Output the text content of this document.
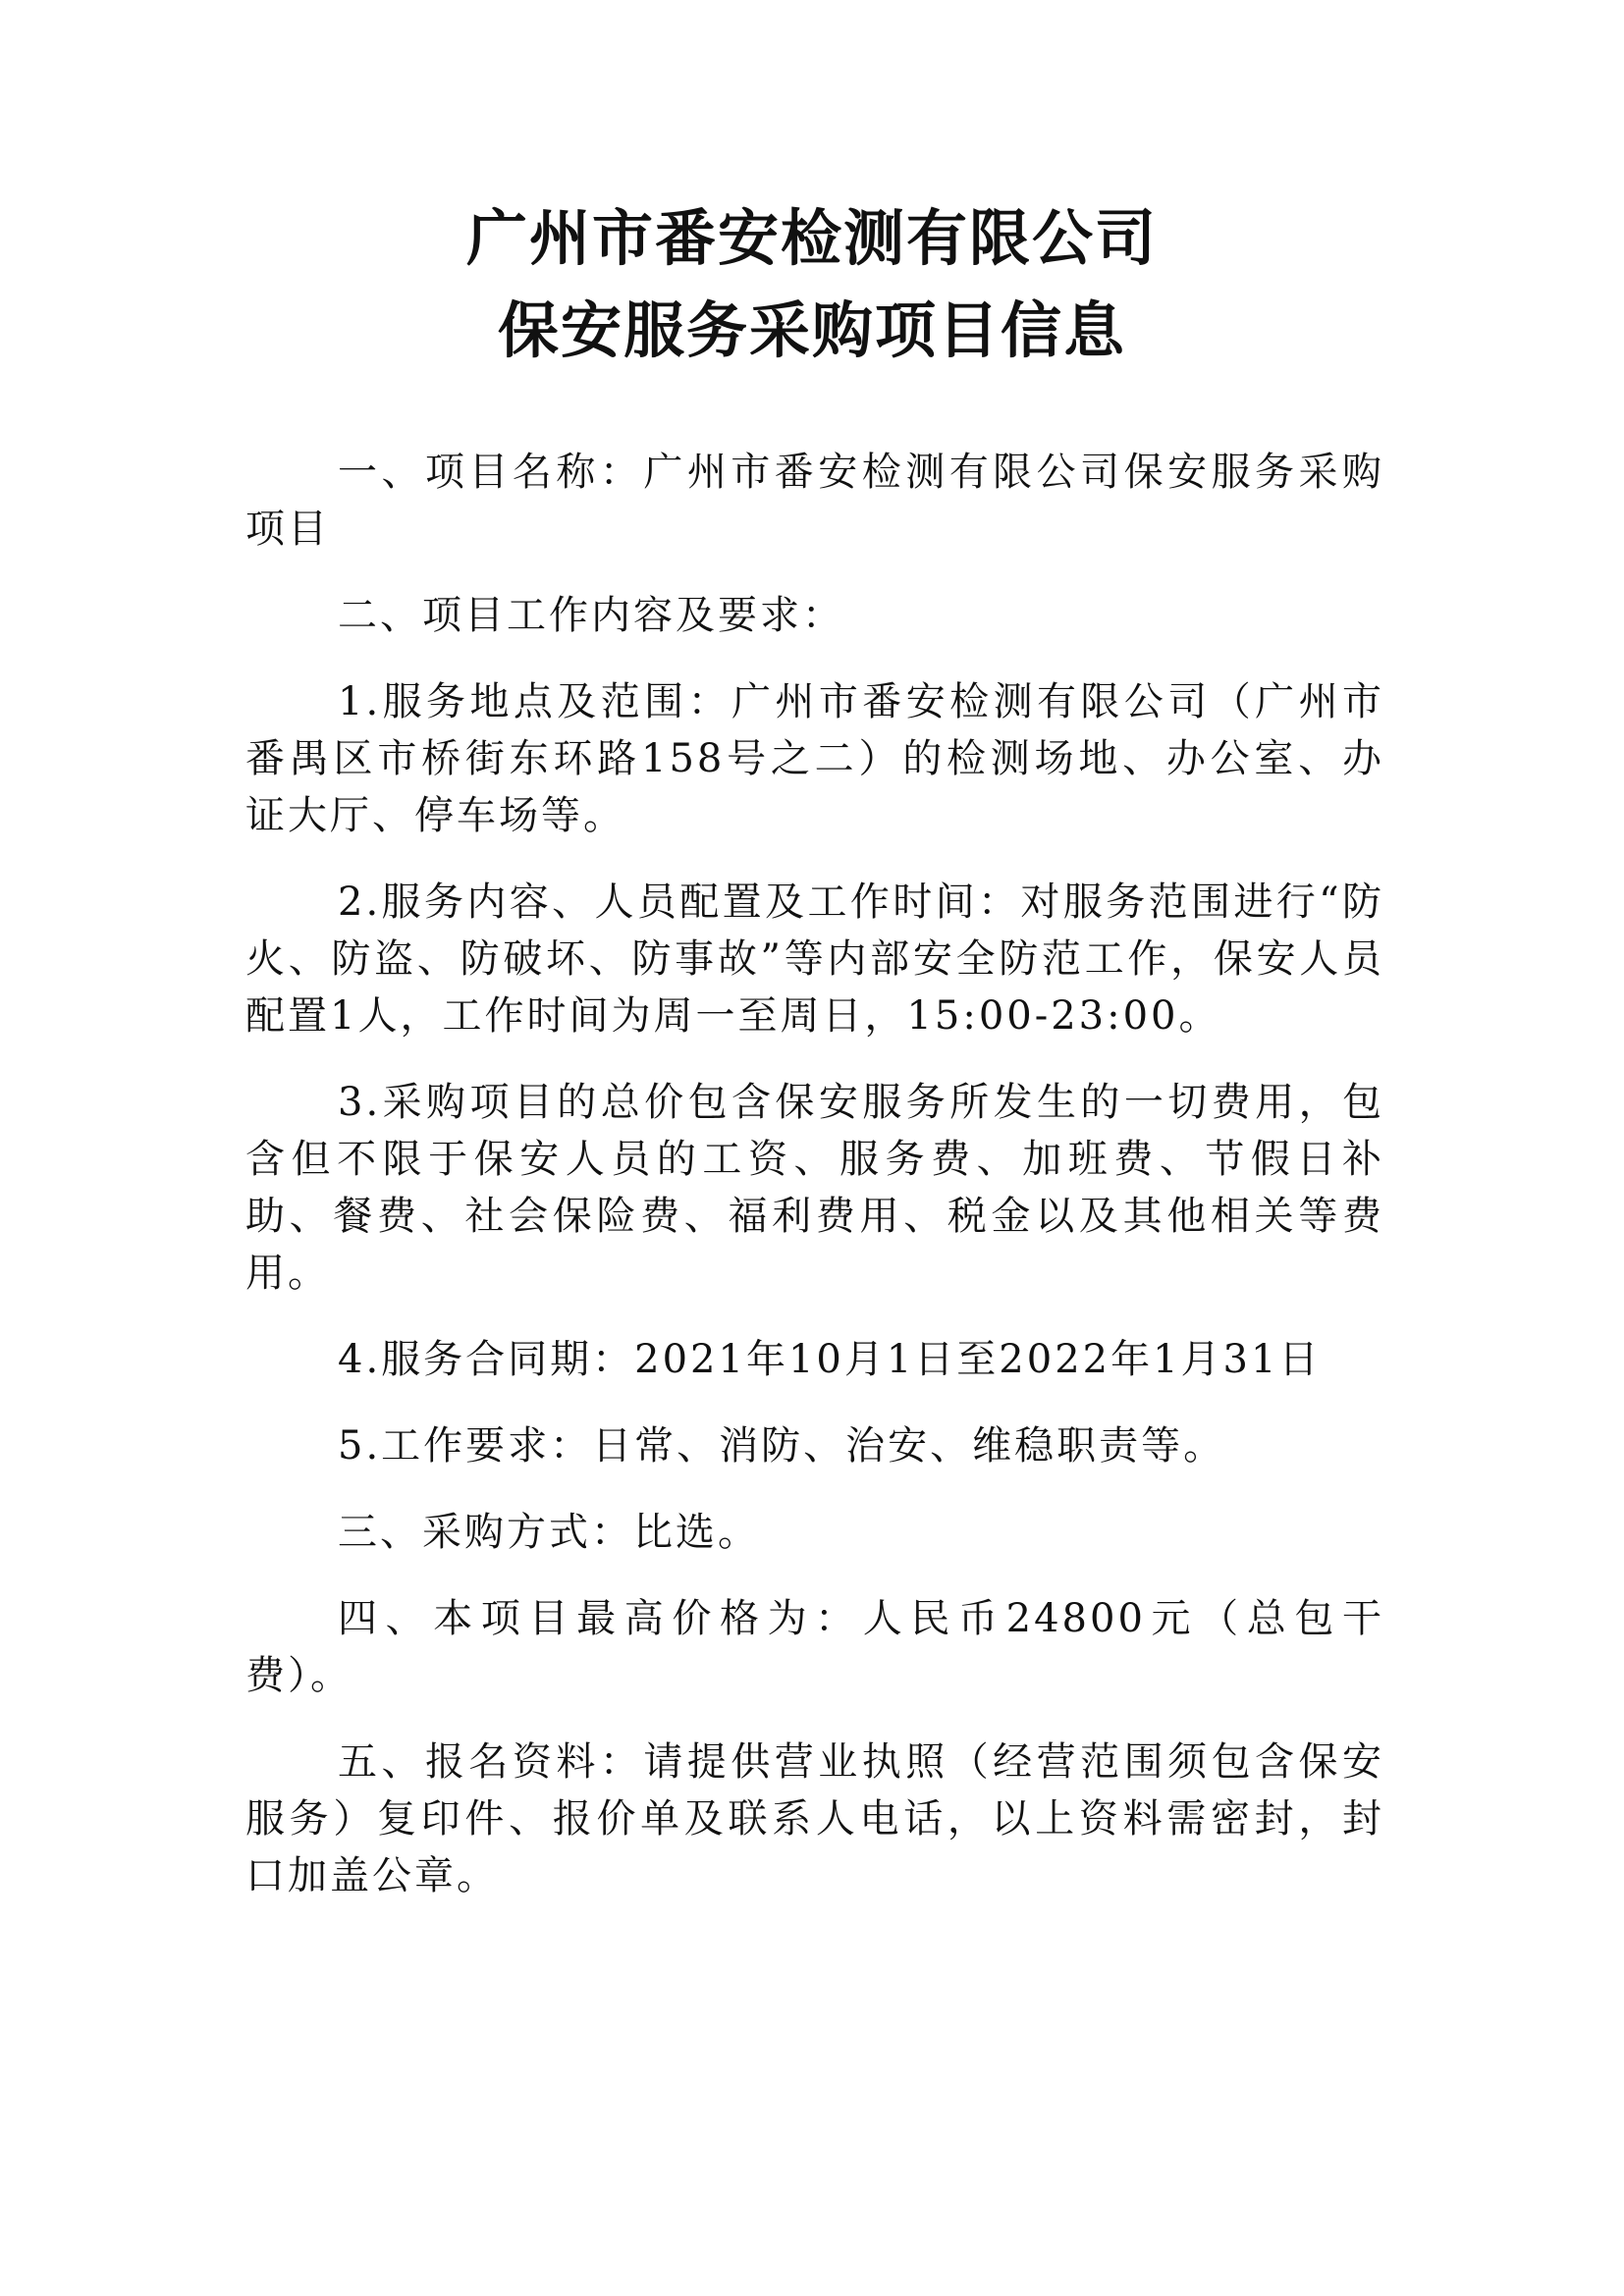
广州市番安检测有限公司
保安服务采购项目信息

一、项目名称：广州市番安检测有限公司保安服务采购项目

二、项目工作内容及要求：

1.服务地点及范围：广州市番安检测有限公司（广州市番禺区市桥街东环路158号之二）的检测场地、办公室、办证大厅、停车场等。

2.服务内容、人员配置及工作时间：对服务范围进行“防火、防盗、防破坏、防事故”等内部安全防范工作，保安人员配置1人，工作时间为周一至周日，15:00-23:00。

3.采购项目的总价包含保安服务所发生的一切费用，包含但不限于保安人员的工资、服务费、加班费、节假日补助、餐费、社会保险费、福利费用、税金以及其他相关等费用。

4.服务合同期：2021年10月1日至2022年1月31日

5.工作要求：日常、消防、治安、维稳职责等。

三、采购方式：比选。

四、本项目最高价格为：人民币24800元（总包干费）。

五、报名资料：请提供营业执照（经营范围须包含保安服务）复印件、报价单及联系人电话，以上资料需密封，封口加盖公章。
